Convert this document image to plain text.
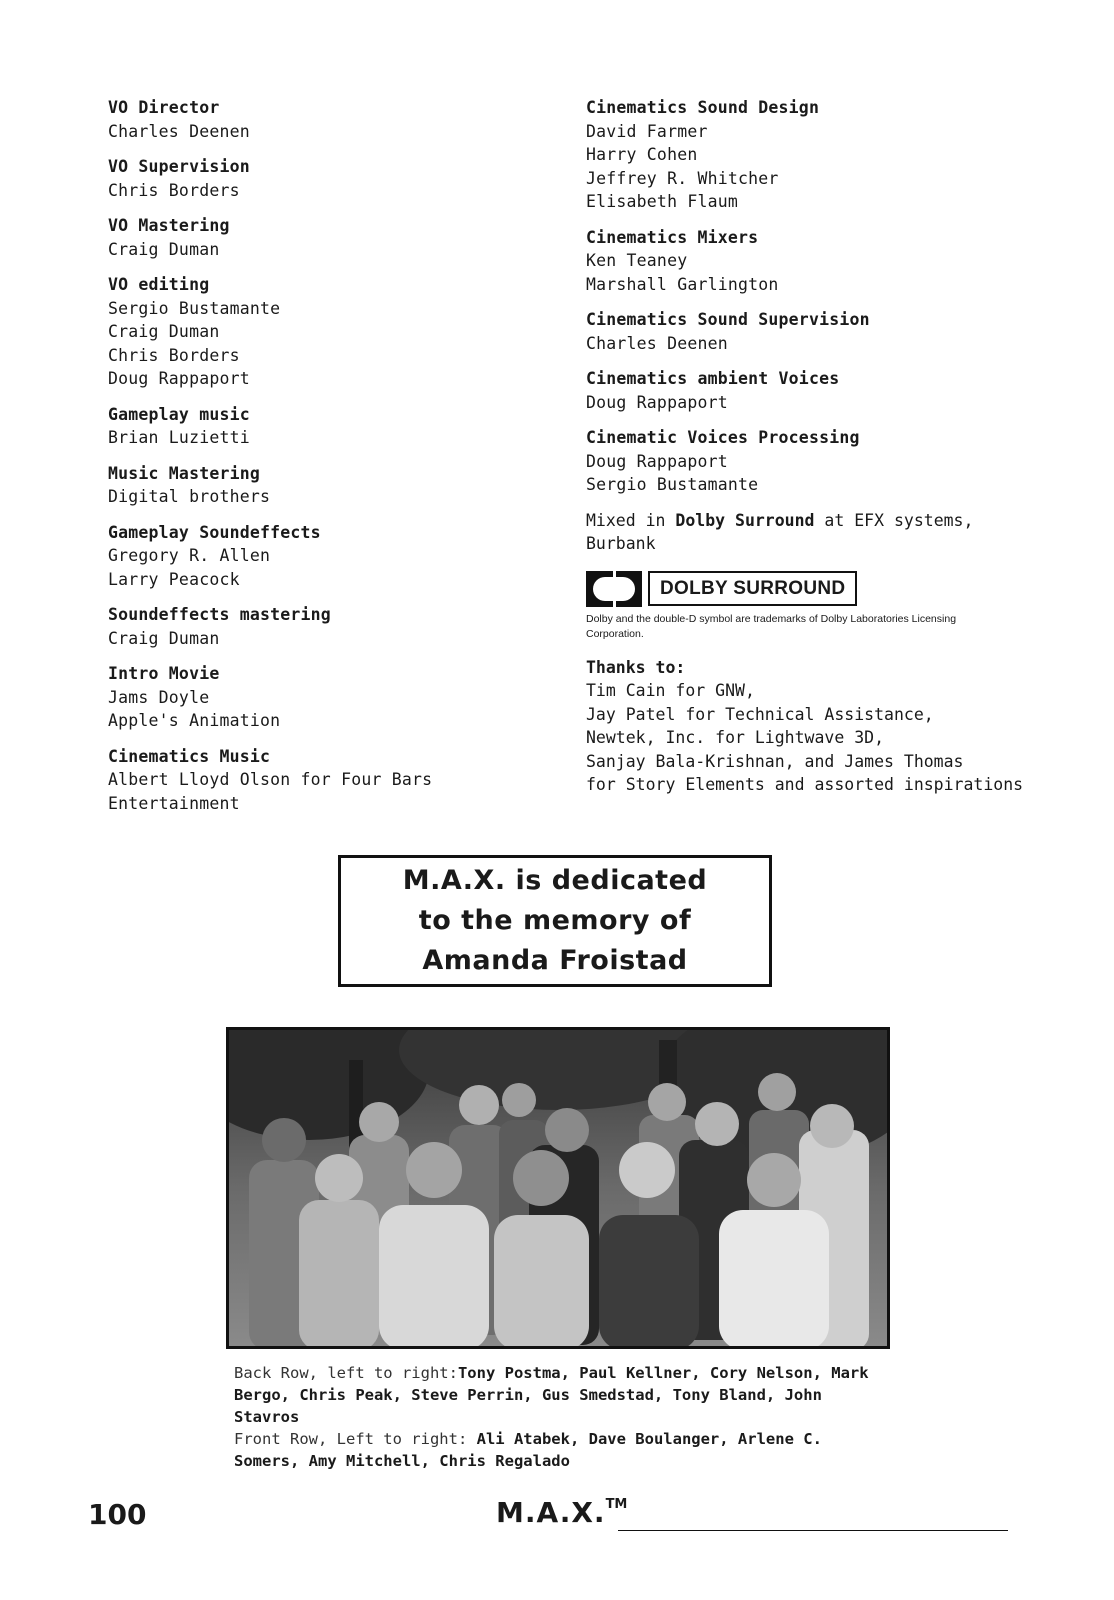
VO Director
Charles Deenen
VO Supervision
Chris Borders
VO Mastering
Craig Duman
VO editing
Sergio Bustamante
Craig Duman
Chris Borders
Doug Rappaport
Gameplay music
Brian Luzietti
Music Mastering
Digital brothers
Gameplay Soundeffects
Gregory R. Allen
Larry Peacock
Soundeffects mastering
Craig Duman
Intro Movie
Jams Doyle
Apple's Animation
Cinematics Music
Albert Lloyd Olson for Four Bars
Entertainment
Cinematics Sound Design
David Farmer
Harry Cohen
Jeffrey R. Whitcher
Elisabeth Flaum
Cinematics Mixers
Ken Teaney
Marshall Garlington
Cinematics Sound Supervision
Charles Deenen
Cinematics ambient Voices
Doug Rappaport
Cinematic Voices Processing
Doug Rappaport
Sergio Bustamante
Mixed in Dolby Surround at EFX systems,
Burbank
DOLBY SURROUND
Dolby and the double-D symbol are trademarks of Dolby Laboratories Licensing Corporation.
Thanks to:
Tim Cain for GNW,
Jay Patel for Technical Assistance,
Newtek, Inc. for Lightwave 3D,
Sanjay Bala-Krishnan, and James Thomas
for Story Elements and assorted inspirations
M.A.X. is dedicated
to the memory of
Amanda Froistad
Back Row, left to right:Tony Postma, Paul Kellner, Cory Nelson, Mark Bergo, Chris Peak, Steve Perrin, Gus Smedstad, Tony Bland, John Stavros
Front Row, Left to right: Ali Atabek, Dave Boulanger, Arlene C. Somers, Amy Mitchell, Chris Regalado
100	M.A.X.™
